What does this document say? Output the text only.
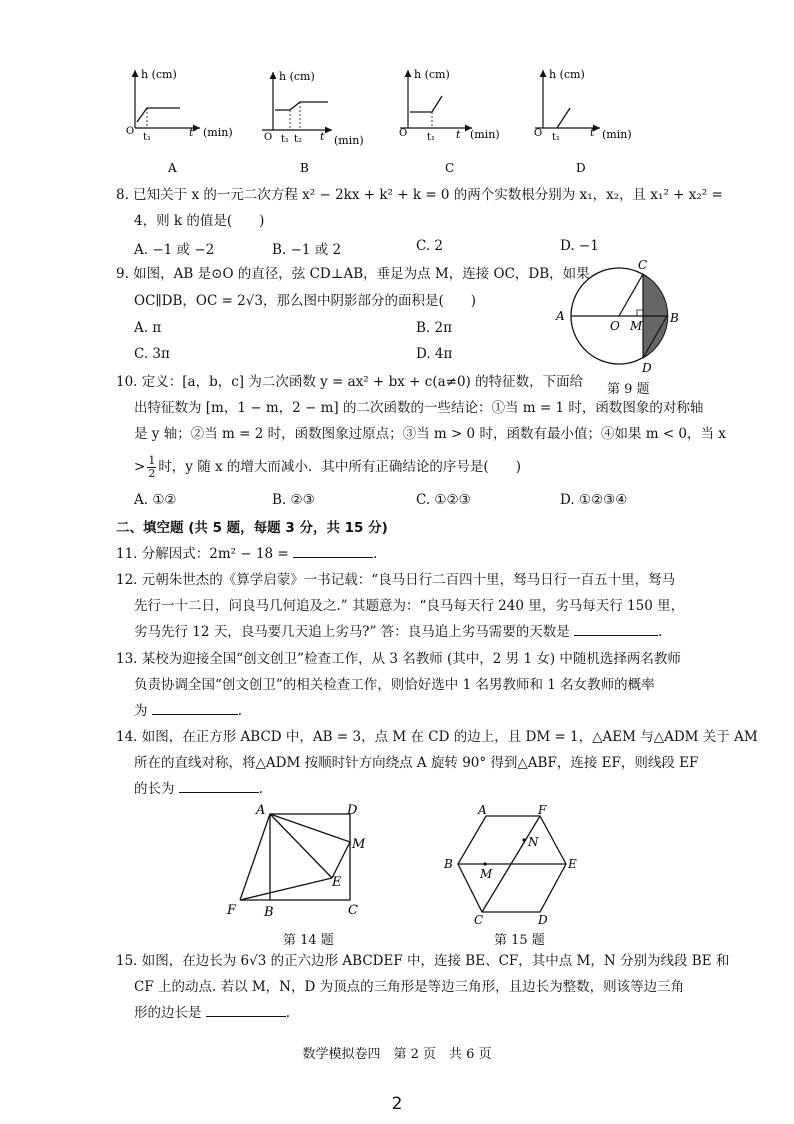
h (cm)
O
t₁	t (min)
A
h (cm)
O t₁ t₂ t (min)
B
h (cm)
O t₁ t (min)
C
h (cm)
O t₁	t (min)
D
8. 已知关于 x 的一元二次方程 x² − 2kx + k² + k = 0 的两个实数根分别为 x₁，x₂，且 x₁² + x₂² =
4，则 k 的值是(　　)
A. −1 或 −2	B. −1 或 2	C. 2	D. −1
9. 如图，AB 是⊙O 的直径，弦 CD⊥AB，垂足为点 M，连接 OC，DB，如果
OC∥DB，OC = 2√3，那么图中阴影部分的面积是(　　)
A. π	B. 2π
C. 3π	D. 4π
C
A
O M
B
D
第 9 题
10. 定义：[a，b，c] 为二次函数 y = ax² + bx + c(a≠0) 的特征数，下面给
出特征数为 [m，1 − m，2 − m] 的二次函数的一些结论：①当 m = 1 时，函数图象的对称轴
是 y 轴；②当 m = 2 时，函数图象过原点；③当 m > 0 时，函数有最小值；④如果 m < 0，当 x
> $\frac{1}{2}$ 时，y 随 x 的增大而减小．其中所有正确结论的序号是(　　)
A. ①②	B. ②③	C. ①②③	D. ①②③④
二、填空题 (共 5 题，每题 3 分，共 15 分)
11. 分解因式：2m² − 18 =	.
12. 元朝朱世杰的《算学启蒙》一书记载：“良马日行二百四十里，驽马日行一百五十里，驽马
先行一十二日，问良马几何追及之.” 其题意为：“良马每天行 240 里，劣马每天行 150 里，
劣马先行 12 天，良马要几天追上劣马?” 答：良马追上劣马需要的天数是	.
13. 某校为迎接全国“创文创卫”检查工作，从 3 名教师 (其中，2 男 1 女) 中随机选择两名教师
负责协调全国“创文创卫”的相关检查工作，则恰好选中 1 名男教师和 1 名女教师的概率
为	.
14. 如图，在正方形 ABCD 中，AB = 3，点 M 在 CD 的边上，且 DM = 1，△AEM 与△ADM 关于 AM
所在的直线对称，将△ADM 按顺时针方向绕点 A 旋转 90° 得到△ABF，连接 EF，则线段 EF
的长为	.
A	D
M
E
F B	C
第 14 题
A	F
N
B
M
E
C	D
第 15 题
15. 如图，在边长为 6√3 的正六边形 ABCDEF 中，连接 BE、CF，其中点 M，N 分别为线段 BE 和
CF 上的动点. 若以 M，N，D 为顶点的三角形是等边三角形，且边长为整数，则该等边三角
形的边长是	.
数学模拟卷四　第 2 页　共 6 页
2
